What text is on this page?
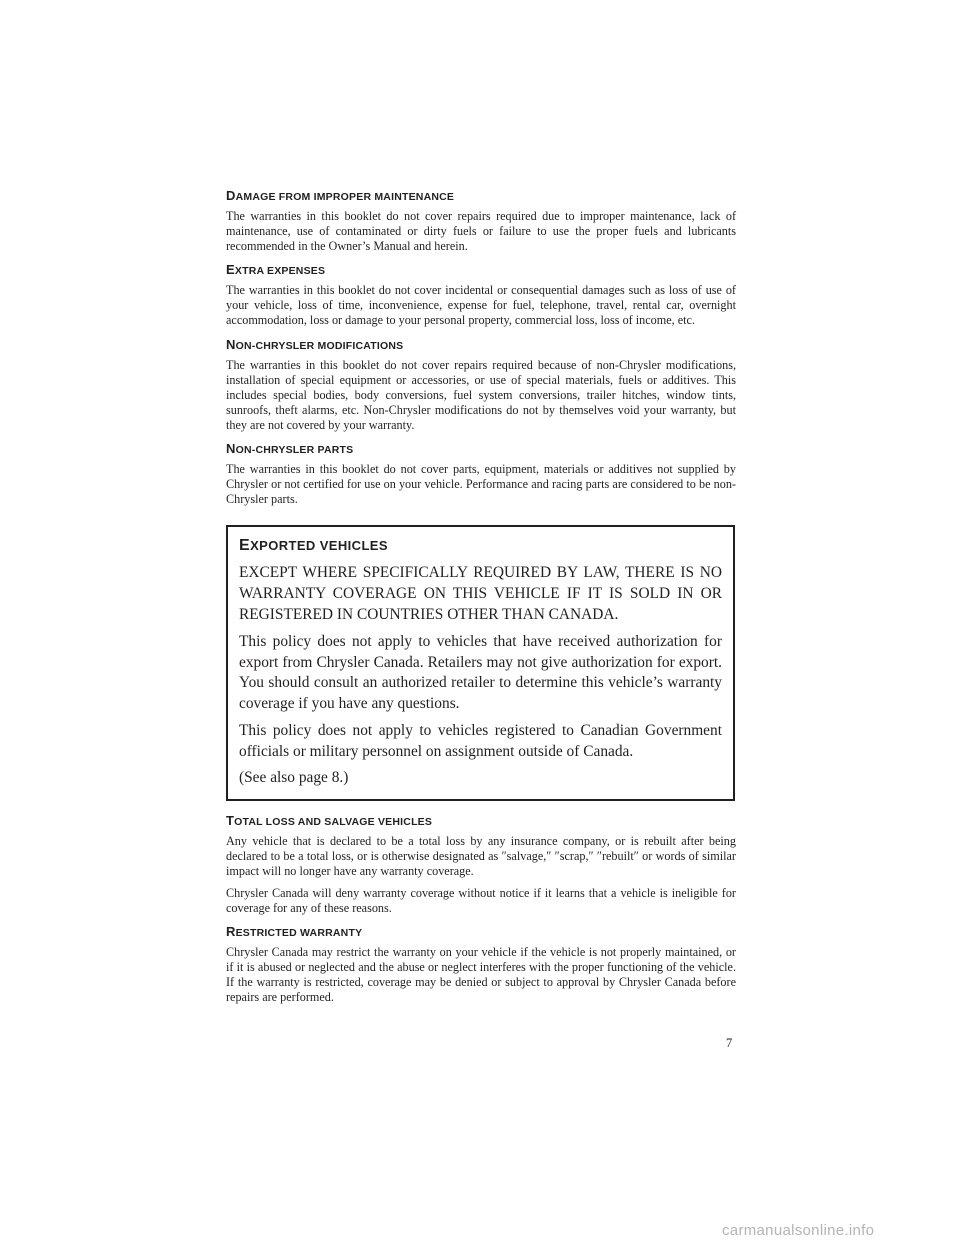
DAMAGE FROM IMPROPER MAINTENANCE

The warranties in this booklet do not cover repairs required due to improper maintenance, lack of maintenance, use of contaminated or dirty fuels or failure to use the proper fuels and lubricants recommended in the Owner’s Manual and herein.

EXTRA EXPENSES

The warranties in this booklet do not cover incidental or consequential damages such as loss of use of your vehicle, loss of time, inconvenience, expense for fuel, telephone, travel, rental car, overnight accommodation, loss or damage to your personal property, commercial loss, loss of income, etc.

NON-CHRYSLER MODIFICATIONS

The warranties in this booklet do not cover repairs required because of non-Chrysler modifications, installation of special equipment or accessories, or use of special materials, fuels or additives. This includes special bodies, body conversions, fuel system conversions, trailer hitches, window tints, sunroofs, theft alarms, etc. Non-Chrysler modifications do not by themselves void your warranty, but they are not covered by your warranty.

NON-CHRYSLER PARTS

The warranties in this booklet do not cover parts, equipment, materials or additives not supplied by Chrysler or not certified for use on your vehicle. Performance and racing parts are considered to be non-Chrysler parts.

EXPORTED VEHICLES

EXCEPT WHERE SPECIFICALLY REQUIRED BY LAW, THERE IS NO WARRANTY COVERAGE ON THIS VEHICLE IF IT IS SOLD IN OR REGISTERED IN COUNTRIES OTHER THAN CANADA.

This policy does not apply to vehicles that have received authorization for export from Chrysler Canada. Retailers may not give authorization for export. You should consult an authorized retailer to determine this vehicle’s warranty coverage if you have any questions.

This policy does not apply to vehicles registered to Canadian Government officials or military personnel on assignment outside of Canada.

(See also page 8.)

TOTAL LOSS AND SALVAGE VEHICLES

Any vehicle that is declared to be a total loss by any insurance company, or is rebuilt after being declared to be a total loss, or is otherwise designated as ″salvage,″ ″scrap,″ ″rebuilt″ or words of similar impact will no longer have any warranty coverage.

Chrysler Canada will deny warranty coverage without notice if it learns that a vehicle is ineligible for coverage for any of these reasons.

RESTRICTED WARRANTY

Chrysler Canada may restrict the warranty on your vehicle if the vehicle is not properly maintained, or if it is abused or neglected and the abuse or neglect interferes with the proper functioning of the vehicle. If the warranty is restricted, coverage may be denied or subject to approval by Chrysler Canada before repairs are performed.

7
carmanualsonline.info
